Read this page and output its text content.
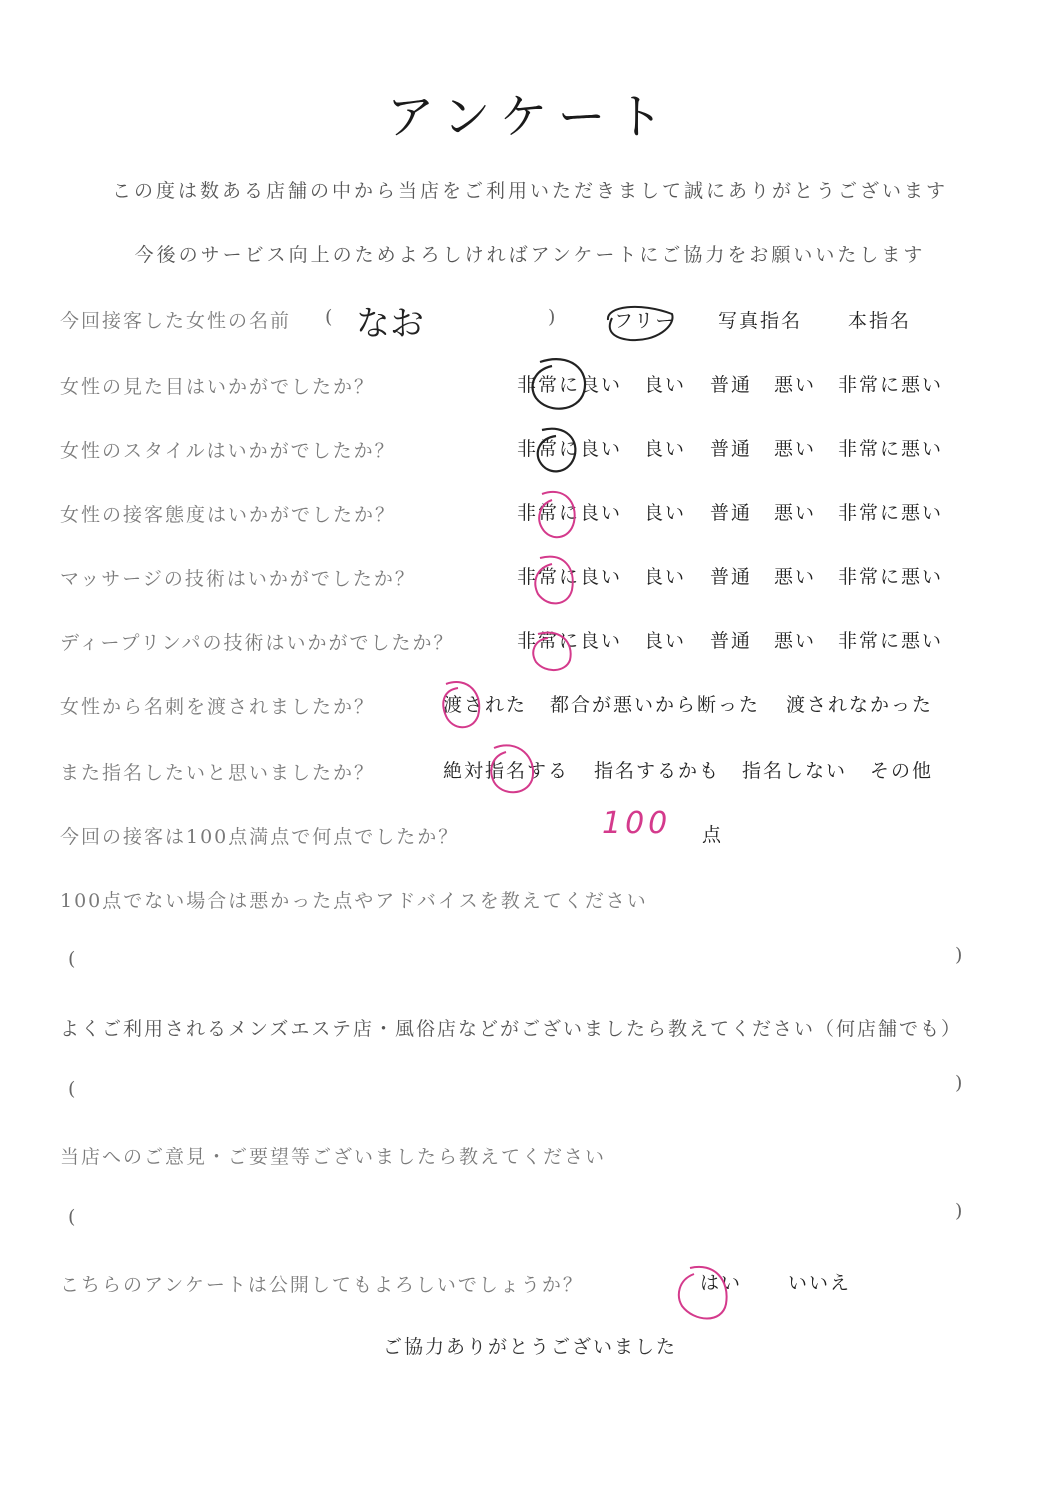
アンケート
この度は数ある店舗の中から当店をご利用いただきまして誠にありがとうございます
今後のサービス向上のためよろしければアンケートにご協力をお願いいたします
今回接客した女性の名前 ( なお	)	フリー 写真指名 本指名
女性の見た目はいかがでしたか？	非常に良い 良い 普通 悪い 非常に悪い
女性のスタイルはいかがでしたか？	非常に良い 良い 普通 悪い 非常に悪い
女性の接客態度はいかがでしたか？	非常に良い 良い 普通 悪い 非常に悪い
マッサージの技術はいかがでしたか？	非常に良い 良い 普通 悪い 非常に悪い
ディープリンパの技術はいかがでしたか？	非常に良い 良い 普通 悪い 非常に悪い
女性から名刺を渡されましたか？	渡された 都合が悪いから断った 渡されなかった
また指名したいと思いましたか？	絶対指名する 指名するかも 指名しない その他
今回の接客は100点満点で何点でしたか？	100 点
100点でない場合は悪かった点やアドバイスを教えてください
(	)
よくご利用されるメンズエステ店・風俗店などがございましたら教えてください（何店舗でも）
(	)
当店へのご意見・ご要望等ございましたら教えてください
(	)
こちらのアンケートは公開してもよろしいでしょうか？	はい いいえ
ご協力ありがとうございました
